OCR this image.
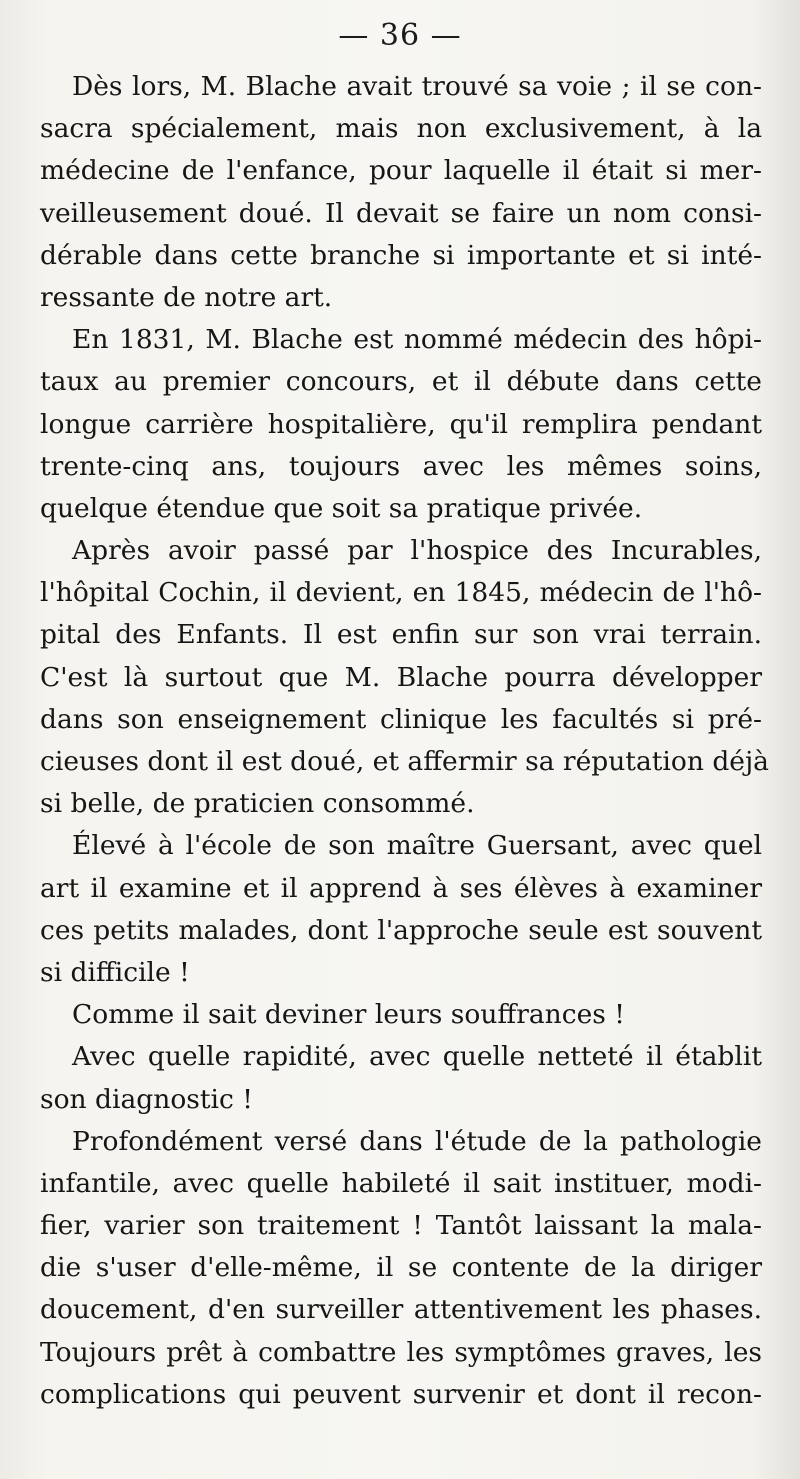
— 36 —
Dès lors, M. Blache avait trouvé sa voie ; il se con-
sacra spécialement, mais non exclusivement, à la
médecine de l'enfance, pour laquelle il était si mer-
veilleusement doué. Il devait se faire un nom consi-
dérable dans cette branche si importante et si inté-
ressante de notre art.
En 1831, M. Blache est nommé médecin des hôpi-
taux au premier concours, et il débute dans cette
longue carrière hospitalière, qu'il remplira pendant
trente-cinq ans, toujours avec les mêmes soins,
quelque étendue que soit sa pratique privée.
Après avoir passé par l'hospice des Incurables,
l'hôpital Cochin, il devient, en 1845, médecin de l'hô-
pital des Enfants. Il est enfin sur son vrai terrain.
C'est là surtout que M. Blache pourra développer
dans son enseignement clinique les facultés si pré-
cieuses dont il est doué, et affermir sa réputation déjà
si belle, de praticien consommé.
Élevé à l'école de son maître Guersant, avec quel
art il examine et il apprend à ses élèves à examiner
ces petits malades, dont l'approche seule est souvent
si difficile !
Comme il sait deviner leurs souffrances !
Avec quelle rapidité, avec quelle netteté il établit
son diagnostic !
Profondément versé dans l'étude de la pathologie
infantile, avec quelle habileté il sait instituer, modi-
fier, varier son traitement ! Tantôt laissant la mala-
die s'user d'elle-même, il se contente de la diriger
doucement, d'en surveiller attentivement les phases.
Toujours prêt à combattre les symptômes graves, les
complications qui peuvent survenir et dont il recon-
